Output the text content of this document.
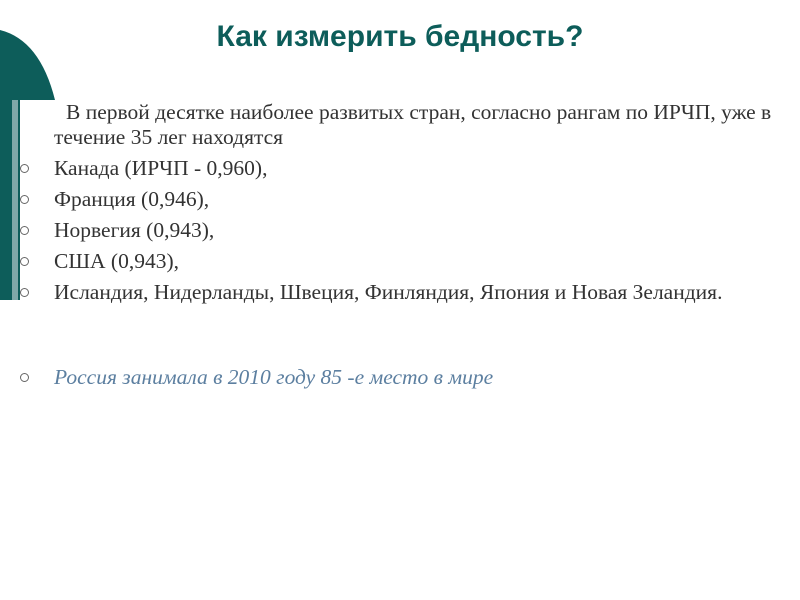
Как измерить бедность?

В первой десятке наиболее развитых стран, согласно рангам по ИРЧП, уже в течение 35 лег находятся

Канада (ИРЧП - 0,960),
Франция (0,946),
Норвегия (0,943),
США (0,943),
Исландия, Нидерланды, Швеция, Финляндия, Япония и Новая Зеландия.
Россия занимала в 2010 году 85 -е место в мире
